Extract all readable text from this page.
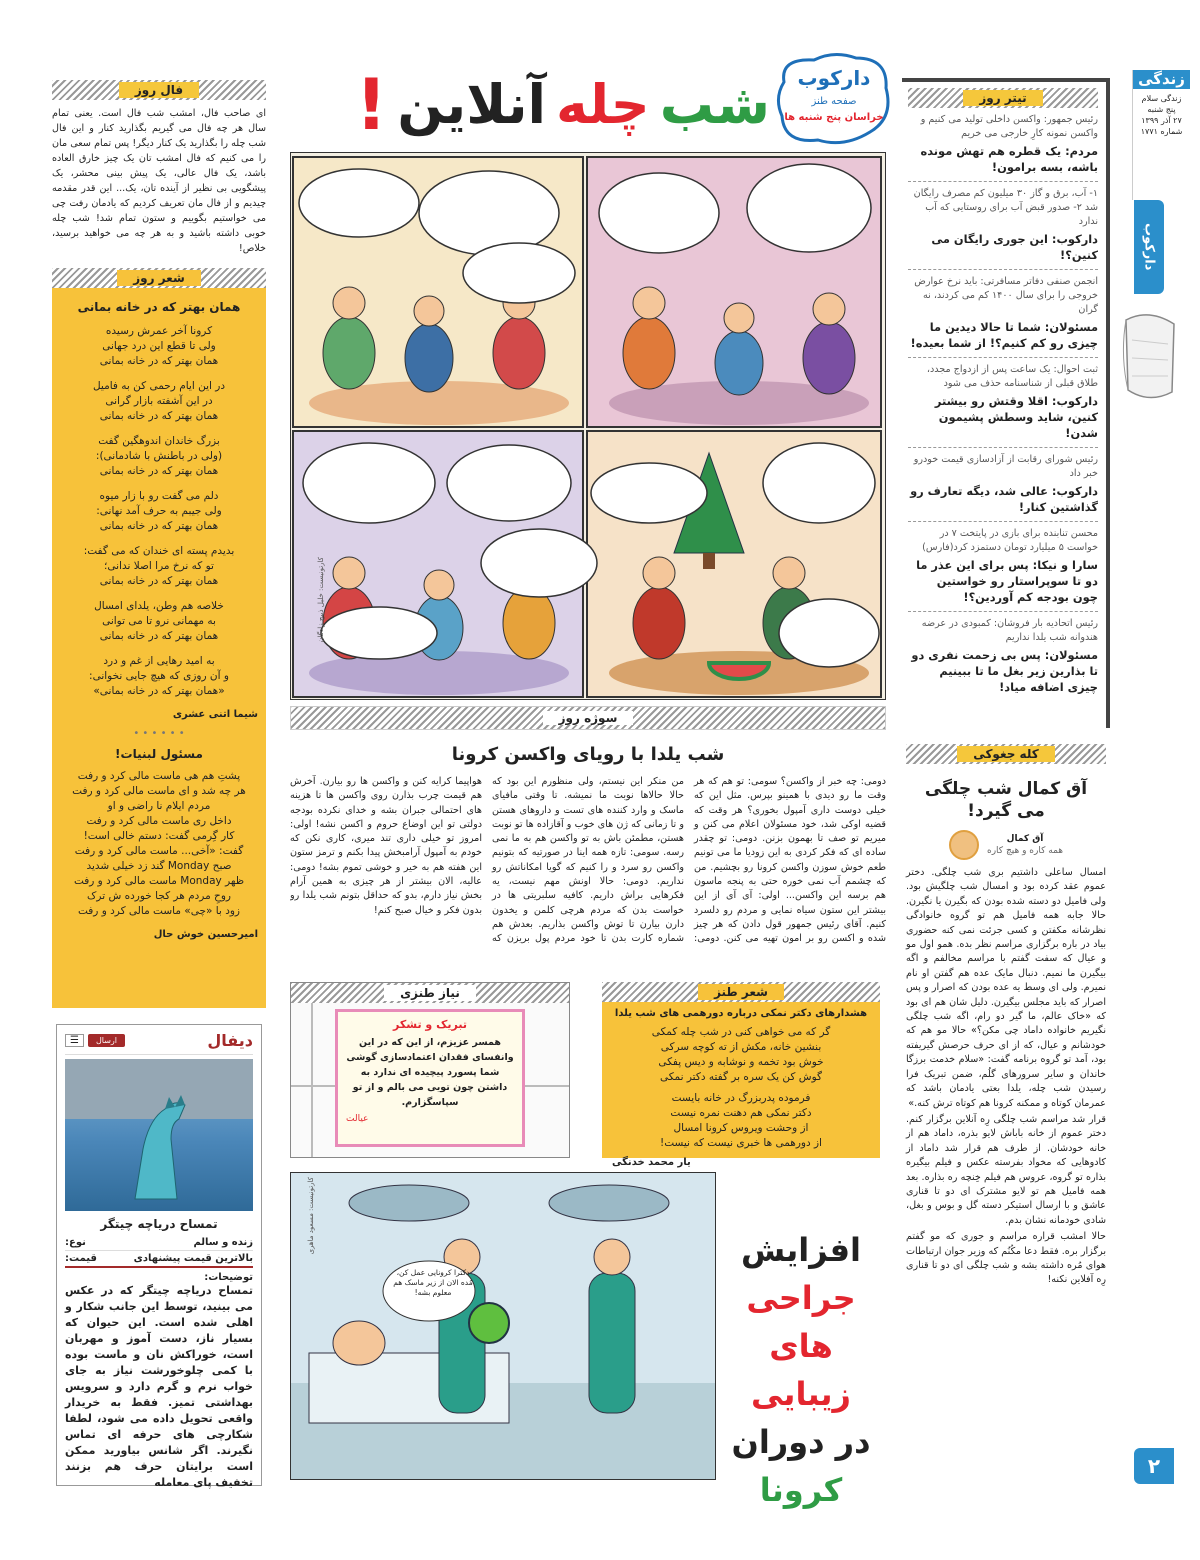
زندگی
زندگی سلام
پنج شنبه
۲۷ آذر ۱۳۹۹
شماره ۱۷۷۱
دارکوب
۲
تیتر روز
رئیس جمهور: واکسن داخلی تولید می کنیم و واکسن نمونه کارِ خارجی می خریم
مردم: یک قطره هم تهش مونده باشه، بسه برامون!
۱- آب، برق و گاز ۳۰ میلیون کم مصرف رایگان شد ۲- صدور قبض آب برای روستایی که آب ندارد
دارکوب: این جوری رایگان می کنین؟!
انجمن صنفی دفاتر مسافرتی: باید نرخ عوارض خروجی را برای سال ۱۴۰۰ کم می کردند، نه گران
مسئولان: شما تا حالا دیدین ما چیزی رو کم کنیم؟! از شما بعیده!
ثبت احوال: یک ساعت پس از ازدواج مجدد، طلاق قبلی از شناسنامه حذف می شود
دارکوب: اقلا وقتش رو بیشتر کنین، شاید وسطش پشیمون شدن!
رئیس شورای رقابت از آزادسازی قیمت خودرو خبر داد
دارکوب: عالی شد، دیگه تعارف رو گذاشتین کنار!
محسن تنابنده برای بازی در پایتخت ۷ در خواست ۵ میلیارد تومان دستمزد کرد(فارس)
سارا و نیکا: پس برای این عذر ما دو تا سوپراستار رو خواستین چون بودجه کم آوردین؟!
رئیس اتحادیه بار فروشان: کمبودی در عرضه هندوانه شب یلدا نداریم
مسئولان: پس بی زحمت نفری دو تا بذارین زیر بغل ما تا ببینیم چیزی اضافه میاد!
کله جغوکی
آق کمال شب چلگی می گیرد!
آق کمال
همه کاره و هیچ کاره

امسال ساعلی داشتیم بری شب چلگی. دختر عموم عقد کرده بود و امسال شب چلگیش بود. ولی فامیل دو دسته شده بودن که بگیرن یا نگیرن. حالا جابه همه فامیل هم تو گروه خانوادگی نظرشانه مکفتن و کسی جرئت نمی کنه حضوری بیاد در باره برگزاری مراسم نظر بده. همو اول مو و عیال که سفت گفتم با مراسم مخالفم و اگه بیگیرن ما نمیم. دنبال مایک عده هم گفتن او نام نمیرم. ولی ای وسط یه عده بودن که اصرار و پس اصرار که باید مجلس بیگیرن. دلیل شان هم ای بود که «خاک عالم، ما گیر دو رام، اگه شب چلگی نگیریم خانواده داماد چی مکن؟» حالا مو هم که خودشانم و عیال، که از ای حرف حرصش گیریفته بود، آمد تو گروه برنامه گفت: «سلام خدمت برزگا خاندان و سایر سرورهای گلُم، ضمن تبریک فرا رسیدن شب چله، یلدا بعتی یادمان باشد که عمرمان کوتاه و ممکنه کرونا هم کوتاه ترش کنه.»

قرار شد مراسم شب چلگی رِه آنلاین برگزار کنم. دختر عموم از خانه باباش لایو بذره، داماد هم از خانه خودشان. از طرف هم قرار شد داماد از کادوهایی که مخواد بفرسته عکس و فیلم بیگیره بذاره تو گروه، عروس هم فیلم خِنچه ره بذاره. بعد همه فامیل هم تو لایو مشترک ای دو تا قناری عاشق و با ارسال استیکر دسته گل و بوس و بغل، شادی خودمانه نشان بدم.

حالا امشب قراره مراسم و جوری که مو گفتم برگزار بره. فقط دعا مکُنُم که وزیر جوان ارتباطات هوای مُره داشته بشه و شب چلگی ای دو تا قناری رِه آفلاین نکنه!

دارکوب
صفحه طنز
خراسان پنج شنبه ها
شب
چله
آنلاین
!
کارتونیست: خلیل ذبیح زادگان
سوژه روز
شب یلدا با رویای واکسن کرونا
دومی: چه خبر از واکسن؟ سومی: تو هم که هر وقت ما رو دیدی با همینو بپرس. مثل این که خیلی دوست داری آمپول بخوری؟ هر وقت که قضیه اوکی شد، خود مسئولان اعلام می کنن و میریم تو صف تا بهمون بزنن. دومی: تو چقدر ساده ای که فکر کردی به این زودیا ما می تونیم طعم خوش سوزن واکسن کرونا رو بچشیم. من که چشمم آب نمی خوره حتی به پنجه ماسون هم برسه این واکسن... اولی: آی آی از این بیشتر این ستون سیاه نمایی و مردم رو دلسرد کنیم. آقای رئیس جمهور قول دادن که هر چیز شده و اکسن رو بر امون تهیه می کنن. دومی: من منکر این نیستم، ولی منظورم این بود که حالا حالاها نوبت ما نمیشه. تا وقتی مافیای ماسک و وارد کننده های تست و داروهای هستن و تا زمانی که ژن های خوب و آقازاده ها تو نوبت هستن، مطمئن باش به تو واکسن هم به ما نمی رسه. سومی: تازه همه اینا در صورتیه که بتونیم واکسن رو سرد و را کنیم که گویا امکاناتش رو نداریم. دومی: حالا اونش مهم نیست، یه فکرهایی براش داریم. کافیه سلبریتی ها در خواست بدن که مردم هرچی کلمن و یخدون دارن بیارن تا توش واکسن بذاریم. بعدش هم شماره کارت بدن تا خود مردم پول بریزن که هواپیما کرایه کنن و واکسن ها رو بیارن. آخرش هم قیمت چرب بذارن روی واکسن ها تا هزینه های احتمالی جبران بشه و خدای نکرده بودجه دولتی تو این اوضاع حروم و اکسن نشه! اولی: امروز تو خیلی داری تند میری، کاری نکن که خودم به آمپول آرامبخش پیدا بکنم و ترمز ستون این هفته هم به خیر و خوشی تموم بشه! دومی: عالیه، الان بیشتر از هر چیزی به همین آرام بخش نیاز دارم، بدو که حداقل بتونم شب یلدا رو بدون فکر و خیال صبح کنم!
شعر طنز
هشدارهای دکتر نمکی درباره دورهمی های شب یلدا

گر که می خواهی کنی در شب چله کمکی

بنشین خانه، مکش از ته کوچه سرکی

خوش بود تخمه و نوشابه و دیس پفکی

گوش کن یک سره بر گفته دکتر نمکی

فرموده پدربزرگ در خانه بایست

دکتر نمکی هم دهنت نمره نیست

از وحشت ویروس کرونا امسال

از دورهمی ها خبری نیست که نیست!

یار محمد خدنگی
نیاز طنزی
تبریک و تشکر
همسر عزیزم، از این که در این وانفسای فقدان اعتمادسازی گوشی شما پسورد پیچیده ای ندارد به داشتن چون تویی می بالم و از تو سپاسگزارم.
عیالت
دکترا کرونایی عمل کن، مُده الان از زیر ماسک هم معلوم بشه!
کارتونیست: مسعود ماهری	افزایش
جراحی های
زیبایی
در دوران
کرونا
فال روز
ای صاحب فال، امشب شب فال است. یعنی تمام سال هر چه فال می گیریم بگذارید کنار و این فال شب چله را بگذارید یک کنار دیگر! پس تمام سعی مان را می کنیم که فال امشب تان یک چیز خارق العاده باشد، یک فال عالی، یک پیش بینی محشر، یک پیشگویی بی نظیر از آینده تان، یک... این قدر مقدمه چیدیم و از فال مان تعریف کردیم که یادمان رفت چی می خواستیم بگوییم و ستون تمام شد! شب چله خوبی داشته باشید و به هر چه می خواهید برسید، خلاص!
شعر روز
همان بهتر که در خانه بمانی

کرونا آخر عمرش رسیده

ولی تا قطع این درد جهانی

همان بهتر که در خانه بمانی

در این ایام رحمی کن به فامیل

در این آشفته بازار گرانی

همان بهتر که در خانه بمانی

بزرگ خاندان اندوهگین گفت

(ولی در باطنش با شادمانی):

همان بهتر که در خانه بمانی

دلم می گفت رو با زار میوه

ولی جیبم به حرف آمد نهانی:

همان بهتر که در خانه بمانی

بدیدم پسته ای خندان که می گفت:

تو که نرخ مرا اصلا ندانی؛

همان بهتر که در خانه بمانی

خلاصه هم وطن، یلدای امسال

به مهمانی نرو تا می توانی

همان بهتر که در خانه بمانی

به امید رهایی از غم و درد

و آن روزی که هیچ جایی نخوانی:

«همان بهتر که در خانه بمانی»

شیما اتنی عشری
• • • • • •
مسئول لبنیات!

پشتِ هم هی ماست مالی کرد و رفت

هر چه شد و ای ماست مالی کرد و رفت

مردم ایلام نا راضی و او

داخل ری ماست مالی کرد و رفت

کار گِرمی گفت: دستم خالی است!

گفت: «آخی... ماست مالی کرد و رفت

صبح Monday گند زد خیلی شدید

ظهر Monday ماست مالی کرد و رفت

روحِ مردم هر کجا خورده ش ترک

زود با «چی» ماست مالی کرد و رفت

امیرحسین خوش حال
دیفال
ارسال
☰
تمساح دریاچه چیتگر
زنده و سالم
نوع:
بالاترین قیمت پیشنهادی
قیمت:
توضیحات:
تمساح دریاچه چیتگر که در عکس می بینید، توسط این جانب شکار و اهلی شده است. این حیوان که بسیار ناز، دست آموز و مهربان است، خوراکش نان و ماست بوده با کمی چلوخورشت نیاز به جای خواب نرم و گرم دارد و سرویس بهداشتی تمیز. فقط به خریدار واقعی تحویل داده می شود، لطفا شکارچی های حرفه ای تماس نگیرند. اگر شانس بیاورید ممکن است برایتان حرف هم بزنند تخفیف پای معامله
